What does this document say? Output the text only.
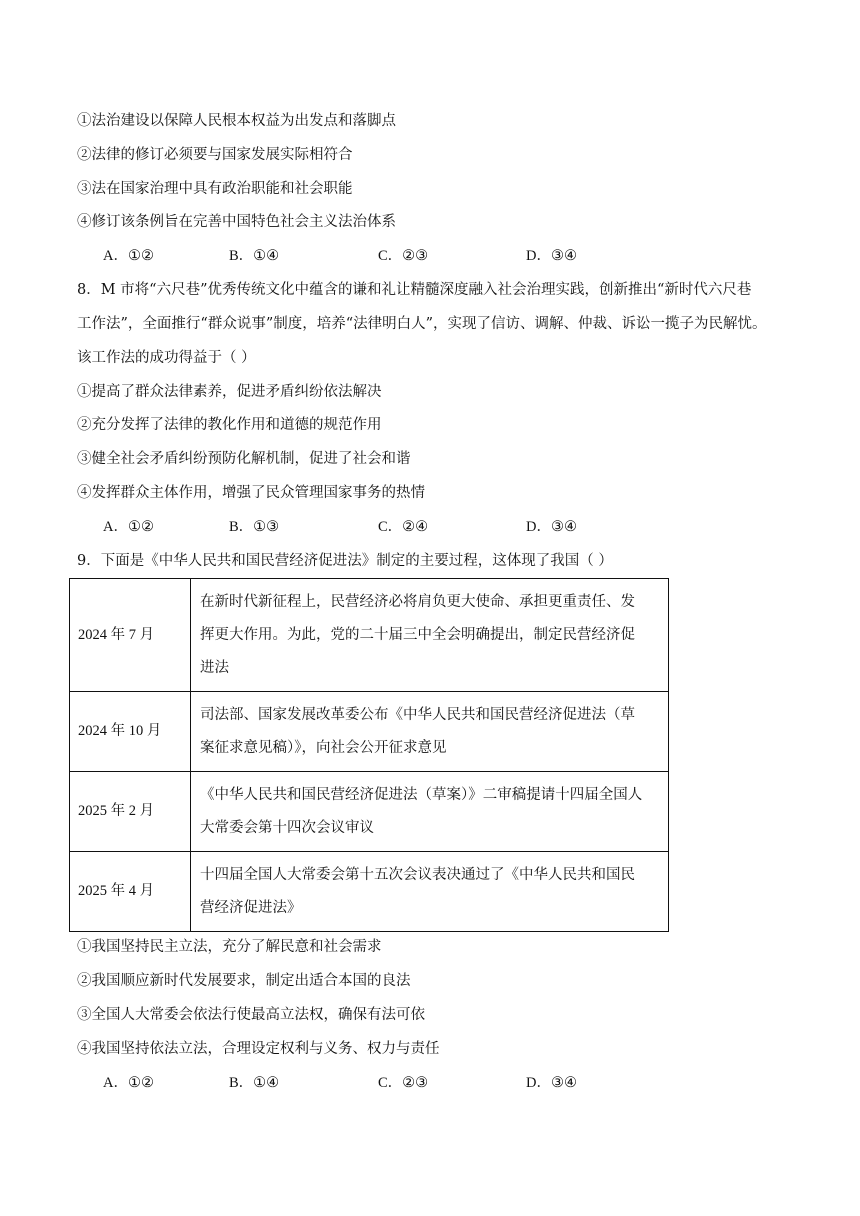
①法治建设以保障人民根本权益为出发点和落脚点
②法律的修订必须要与国家发展实际相符合
③法在国家治理中具有政治职能和社会职能
④修订该条例旨在完善中国特色社会主义法治体系
A．①②	B．①④	C．②③	D．③④
8．M 市将“六尺巷”优秀传统文化中蕴含的谦和礼让精髓深度融入社会治理实践，创新推出“新时代六尺巷
工作法”，全面推行“群众说事”制度，培养“法律明白人”，实现了信访、调解、仲裁、诉讼一揽子为民解忧。
该工作法的成功得益于（ ）
①提高了群众法律素养，促进矛盾纠纷依法解决
②充分发挥了法律的教化作用和道德的规范作用
③健全社会矛盾纠纷预防化解机制，促进了社会和谐
④发挥群众主体作用，增强了民众管理国家事务的热情
A．①②	B．①③	C．②④	D．③④
9．下面是《中华人民共和国民营经济促进法》制定的主要过程，这体现了我国（ ）
2024 年 7 月	在新时代新征程上，民营经济必将肩负更大使命、承担更重责任、发
挥更大作用。为此，党的二十届三中全会明确提出，制定民营经济促
进法

2024 年 10 月	司法部、国家发展改革委公布《中华人民共和国民营经济促进法（草
案征求意见稿）》，向社会公开征求意见

2025 年 2 月	《中华人民共和国民营经济促进法（草案）》二审稿提请十四届全国人
大常委会第十四次会议审议

2025 年 4 月	十四届全国人大常委会第十五次会议表决通过了《中华人民共和国民
营经济促进法》
①我国坚持民主立法，充分了解民意和社会需求
②我国顺应新时代发展要求，制定出适合本国的良法
③全国人大常委会依法行使最高立法权，确保有法可依
④我国坚持依法立法，合理设定权利与义务、权力与责任
A．①②	B．①④	C．②③	D．③④
